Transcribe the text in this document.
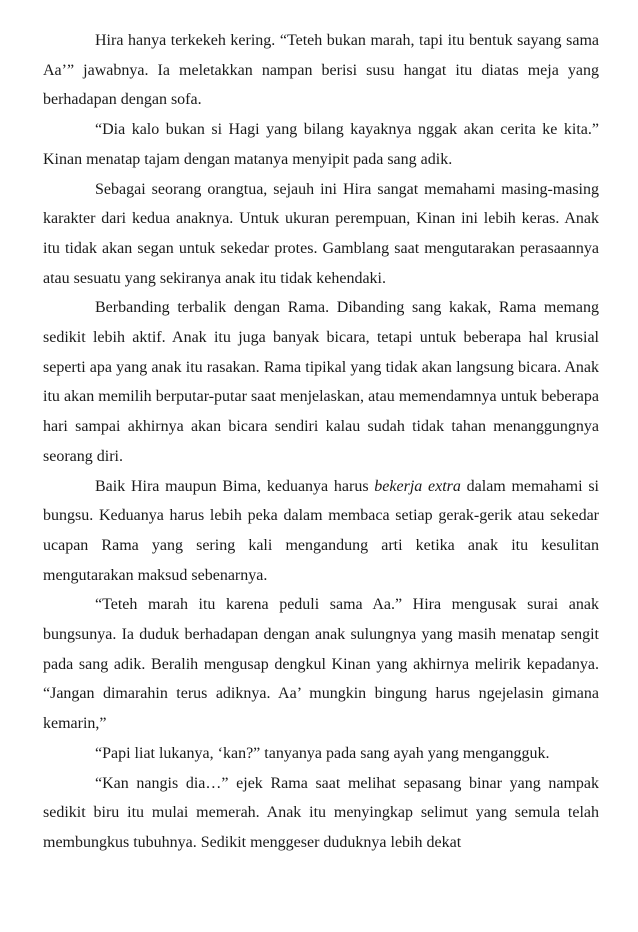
Hira hanya terkekeh kering. “Teteh bukan marah, tapi itu bentuk sayang sama Aa’” jawabnya. Ia meletakkan nampan berisi susu hangat itu diatas meja yang berhadapan dengan sofa.

“Dia kalo bukan si Hagi yang bilang kayaknya nggak akan cerita ke kita.” Kinan menatap tajam dengan matanya menyipit pada sang adik.

Sebagai seorang orangtua, sejauh ini Hira sangat memahami masing-masing karakter dari kedua anaknya. Untuk ukuran perempuan, Kinan ini lebih keras. Anak itu tidak akan segan untuk sekedar protes. Gamblang saat mengutarakan perasaannya atau sesuatu yang sekiranya anak itu tidak kehendaki.

Berbanding terbalik dengan Rama. Dibanding sang kakak, Rama memang sedikit lebih aktif. Anak itu juga banyak bicara, tetapi untuk beberapa hal krusial seperti apa yang anak itu rasakan. Rama tipikal yang tidak akan langsung bicara. Anak itu akan memilih berputar-putar saat menjelaskan, atau memendamnya untuk beberapa hari sampai akhirnya akan bicara sendiri kalau sudah tidak tahan menanggungnya seorang diri.

Baik Hira maupun Bima, keduanya harus bekerja extra dalam memahami si bungsu. Keduanya harus lebih peka dalam membaca setiap gerak-gerik atau sekedar ucapan Rama yang sering kali mengandung arti ketika anak itu kesulitan mengutarakan maksud sebenarnya.

“Teteh marah itu karena peduli sama Aa.” Hira mengusak surai anak bungsunya. Ia duduk berhadapan dengan anak sulungnya yang masih menatap sengit pada sang adik. Beralih mengusap dengkul Kinan yang akhirnya melirik kepadanya. “Jangan dimarahin terus adiknya. Aa’ mungkin bingung harus ngejelasin gimana kemarin,”

“Papi liat lukanya, ‘kan?” tanyanya pada sang ayah yang mengangguk.

“Kan nangis dia…” ejek Rama saat melihat sepasang binar yang nampak sedikit biru itu mulai memerah. Anak itu menyingkap selimut yang semula telah membungkus tubuhnya. Sedikit menggeser duduknya lebih dekat
